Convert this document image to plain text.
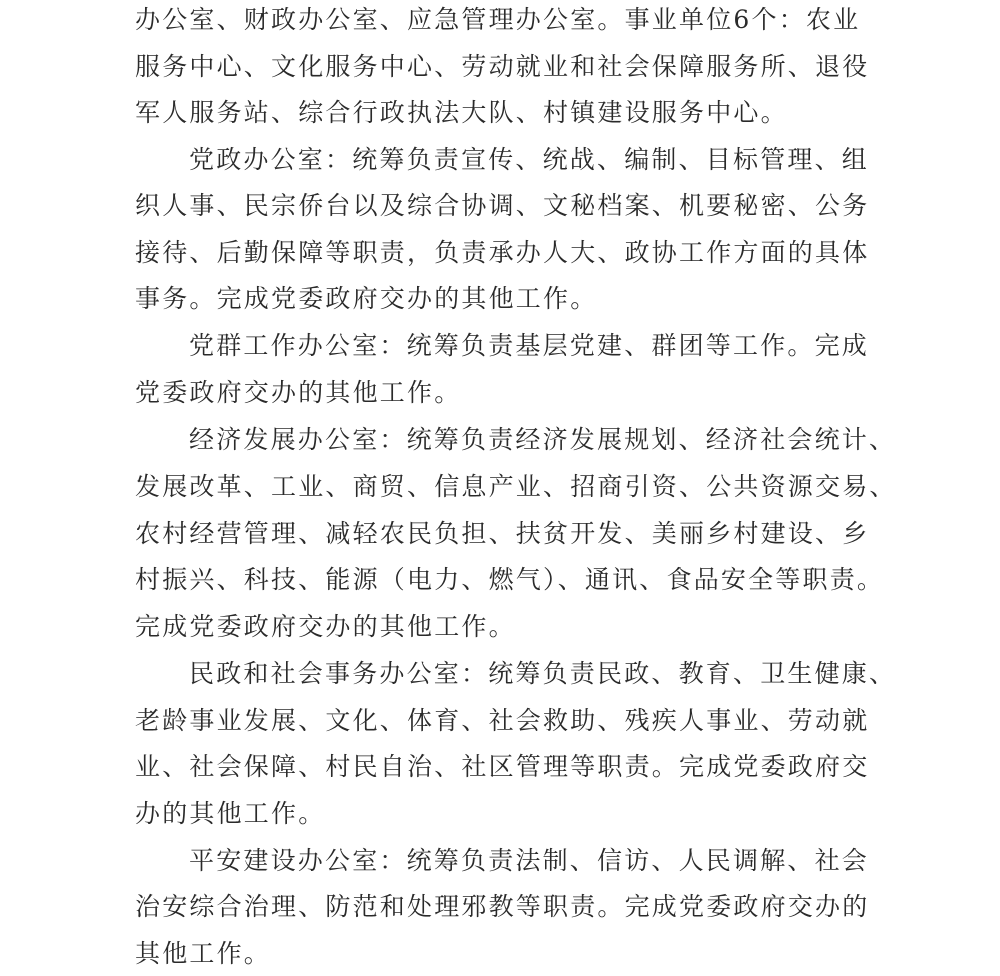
办公室、财政办公室、应急管理办公室。事业单位6个：农业
服务中心、文化服务中心、劳动就业和社会保障服务所、退役
军人服务站、综合行政执法大队、村镇建设服务中心。
党政办公室：统筹负责宣传、统战、编制、目标管理、组
织人事、民宗侨台以及综合协调、文秘档案、机要秘密、公务
接待、后勤保障等职责，负责承办人大、政协工作方面的具体
事务。完成党委政府交办的其他工作。
党群工作办公室：统筹负责基层党建、群团等工作。完成
党委政府交办的其他工作。
经济发展办公室：统筹负责经济发展规划、经济社会统计、
发展改革、工业、商贸、信息产业、招商引资、公共资源交易、
农村经营管理、减轻农民负担、扶贫开发、美丽乡村建设、乡
村振兴、科技、能源（电力、燃气）、通讯、食品安全等职责。
完成党委政府交办的其他工作。
民政和社会事务办公室：统筹负责民政、教育、卫生健康、
老龄事业发展、文化、体育、社会救助、残疾人事业、劳动就
业、社会保障、村民自治、社区管理等职责。完成党委政府交
办的其他工作。
平安建设办公室：统筹负责法制、信访、人民调解、社会
治安综合治理、防范和处理邪教等职责。完成党委政府交办的
其他工作。
